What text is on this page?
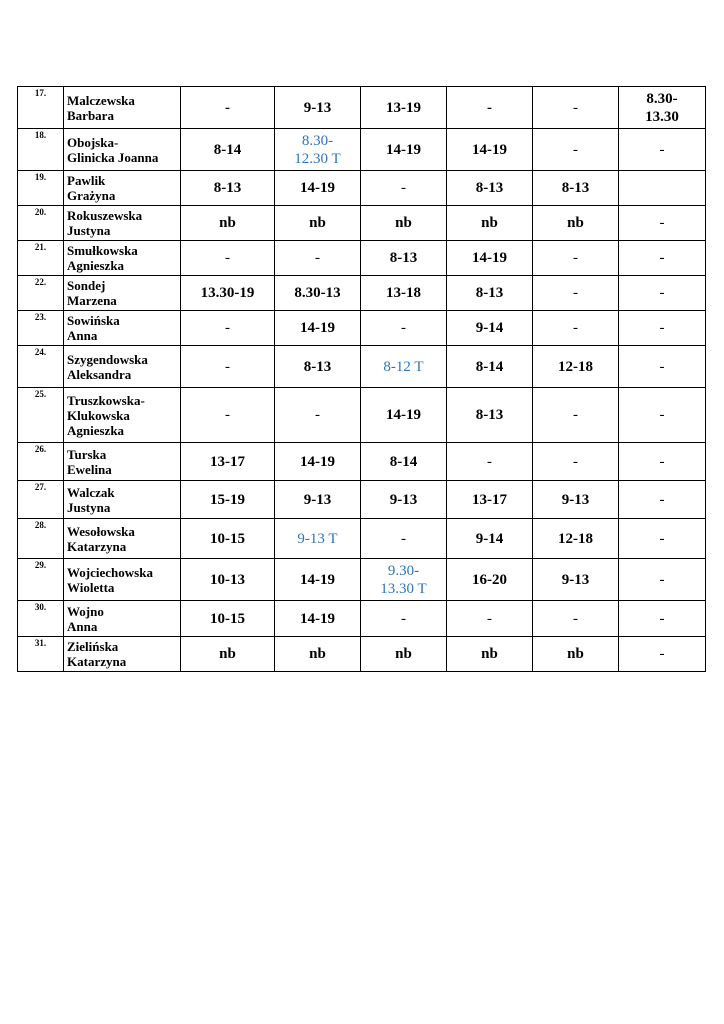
17.	Malczewska
Barbara	-	9-13	13-19	-	-	8.30-
13.30
18.	Obojska-
Glinicka Joanna	8-14	8.30-
12.30 T	14-19	14-19	-	-
19.	Pawlik
Grażyna	8-13	14-19	-	8-13	8-13	
20.	Rokuszewska
Justyna	nb	nb	nb	nb	nb	-
21.	Smułkowska
Agnieszka	-	-	8-13	14-19	-	-
22.	Sondej
Marzena	13.30-19	8.30-13	13-18	8-13	-	-
23.	Sowińska
Anna	-	14-19	-	9-14	-	-
24.	Szygendowska
Aleksandra	-	8-13	8-12 T	8-14	12-18	-
25.	Truszkowska-
Klukowska
Agnieszka	-	-	14-19	8-13	-	-
26.	Turska
Ewelina	13-17	14-19	8-14	-	-	-
27.	Walczak
Justyna	15-19	9-13	9-13	13-17	9-13	-
28.	Wesołowska
Katarzyna	10-15	9-13 T	-	9-14	12-18	-
29.	Wojciechowska
Wioletta	10-13	14-19	9.30-
13.30 T	16-20	9-13	-
30.	Wojno
Anna	10-15	14-19	-	-	-	-
31.	Zielińska
Katarzyna	nb	nb	nb	nb	nb	-
